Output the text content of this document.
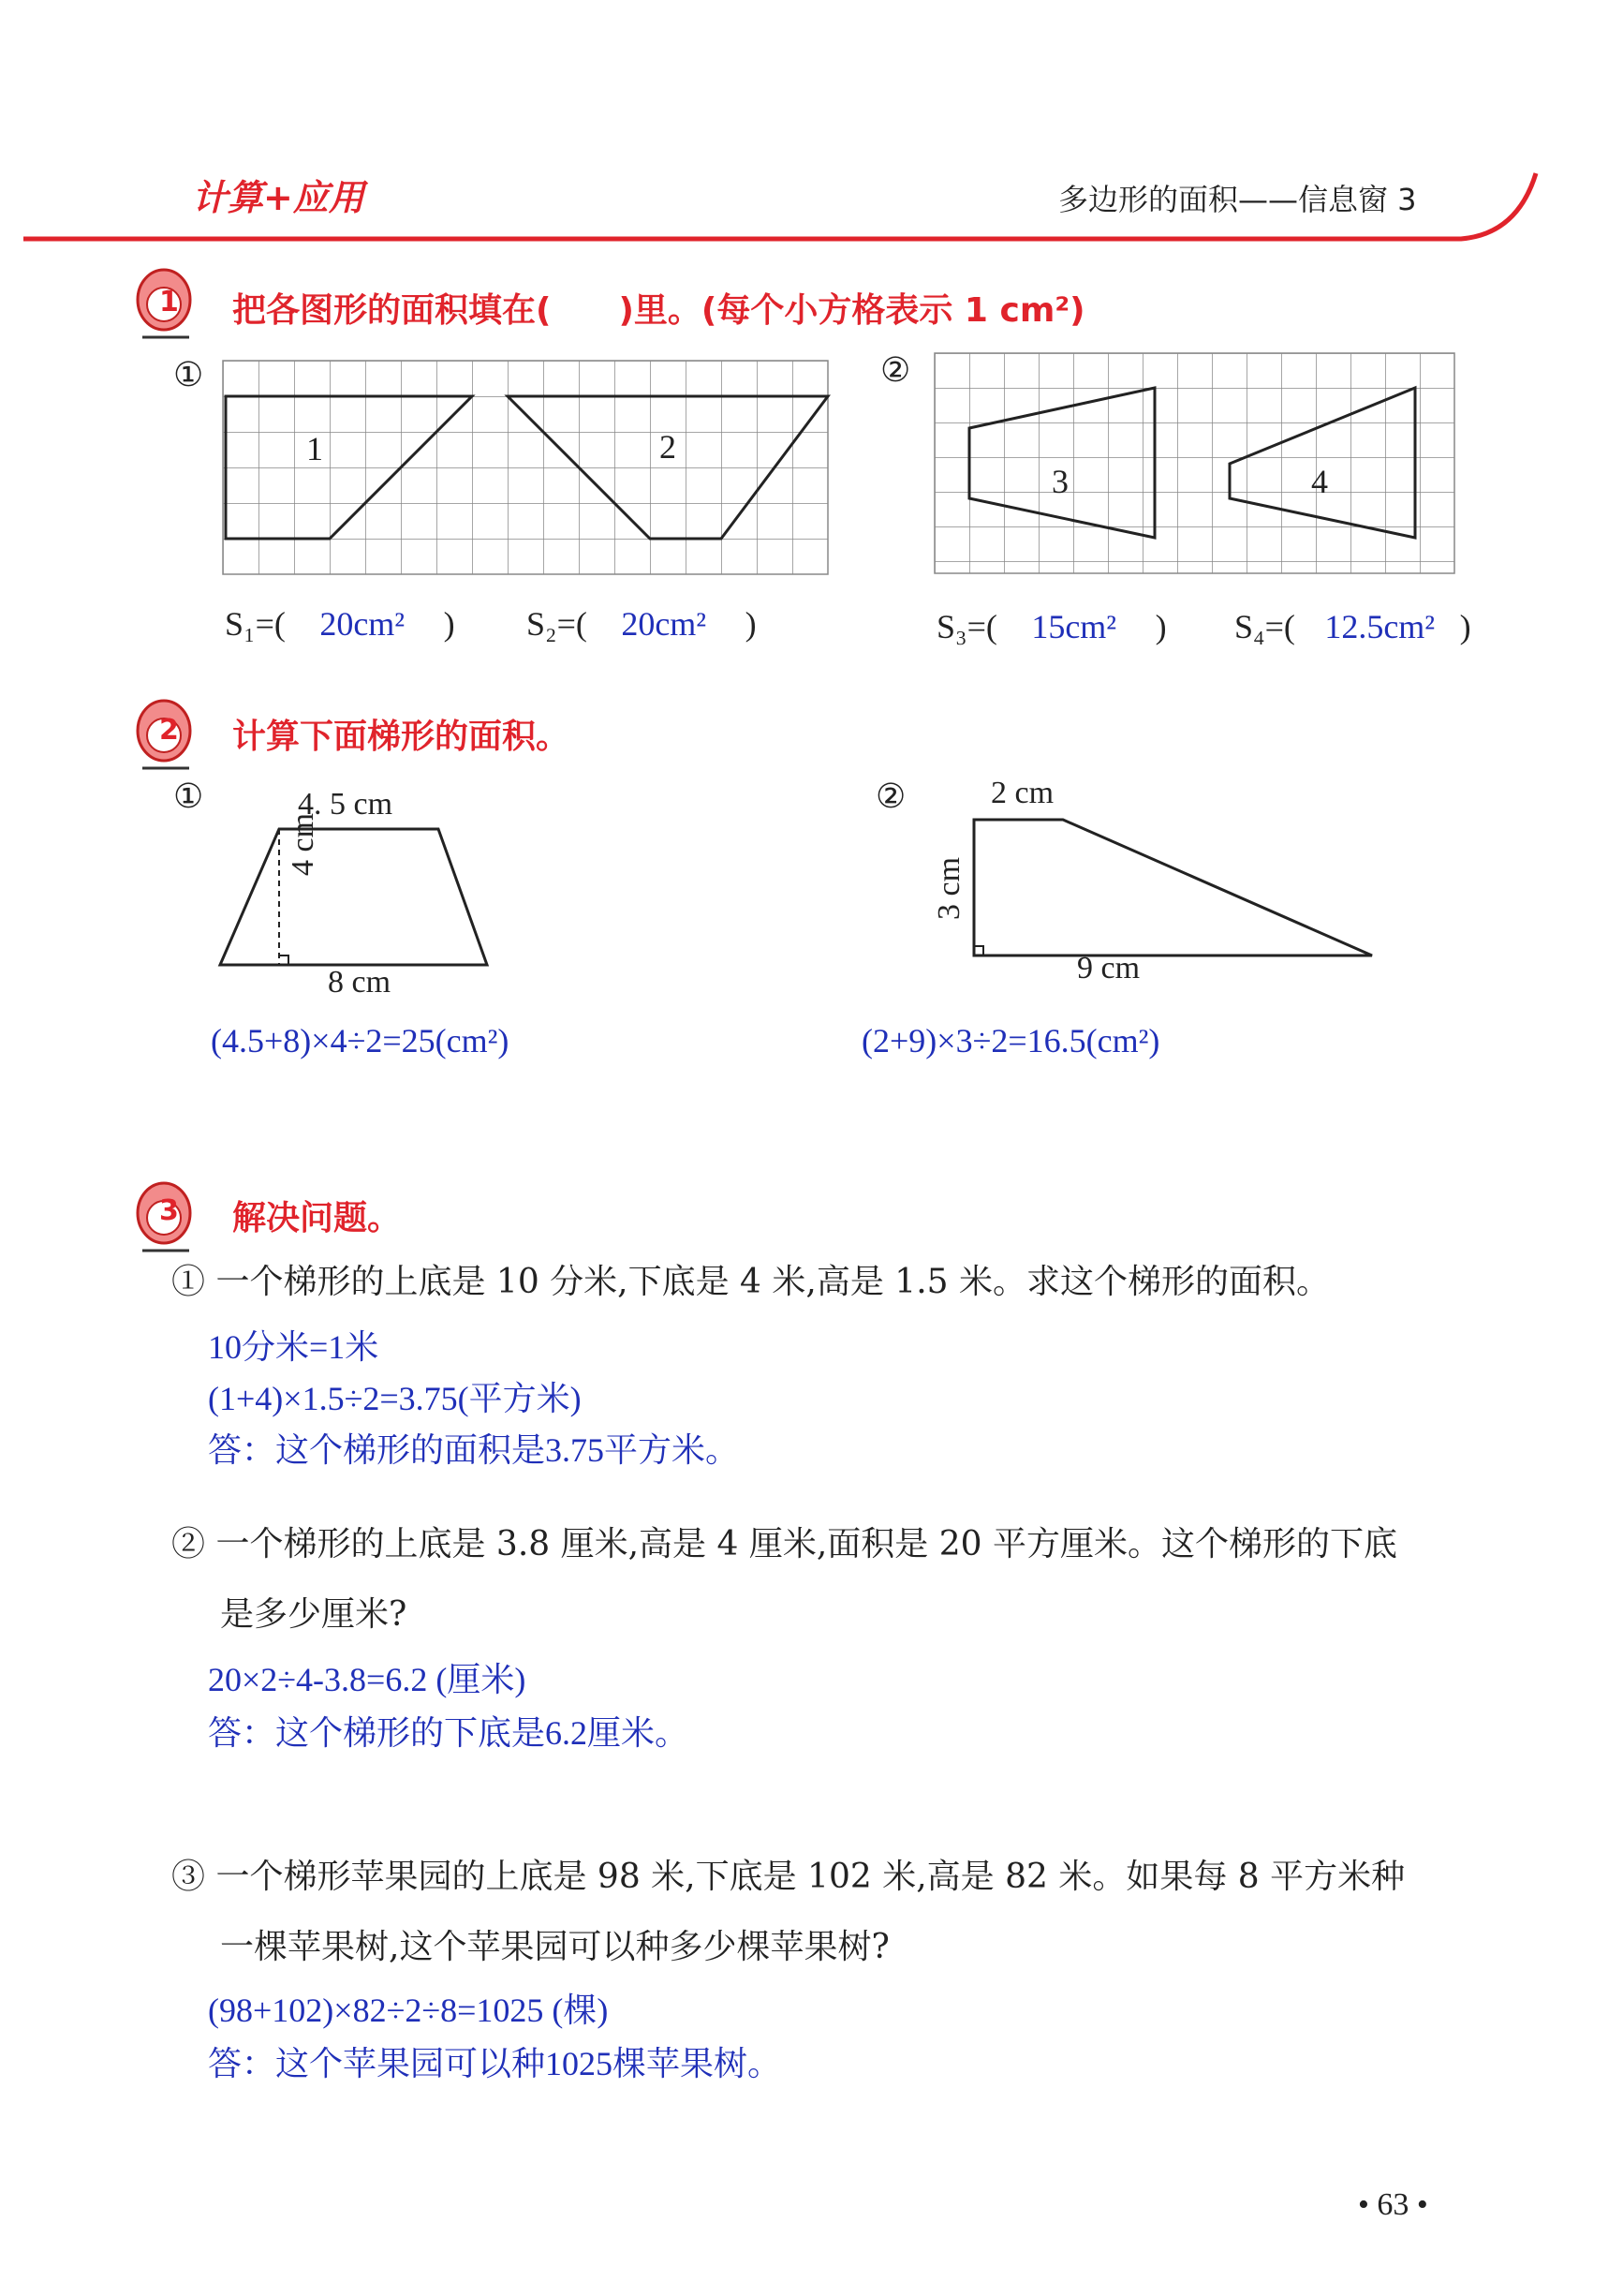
计算+应用	多边形的面积——信息窗 3
1 把各图形的面积填在(　　)里。(每个小方格表示 1 cm²)
①	②
1	2
3	4
S₁=( 20cm² ) S₂=( 20cm² )	S₃=( 15cm² ) S₄=( 12.5cm² )
2 计算下面梯形的面积。
①	4. 5 cm
4 cm
8 cm
(4.5+8)×4÷2=25(cm²)
②	2 cm
3 cm
9 cm
(2+9)×3÷2=16.5(cm²)
3 解决问题。
① 一个梯形的上底是 10 分米,下底是 4 米,高是 1.5 米。求这个梯形的面积。
10分米=1米
(1+4)×1.5÷2=3.75(平方米)
答：这个梯形的面积是3.75平方米。
② 一个梯形的上底是 3.8 厘米,高是 4 厘米,面积是 20 平方厘米。这个梯形的下底
是多少厘米?
20×2÷4-3.8=6.2 (厘米)
答：这个梯形的下底是6.2厘米。
③ 一个梯形苹果园的上底是 98 米,下底是 102 米,高是 82 米。如果每 8 平方米种
一棵苹果树,这个苹果园可以种多少棵苹果树?
(98+102)×82÷2÷8=1025 (棵)
答：这个苹果园可以种1025棵苹果树。
• 63 •
